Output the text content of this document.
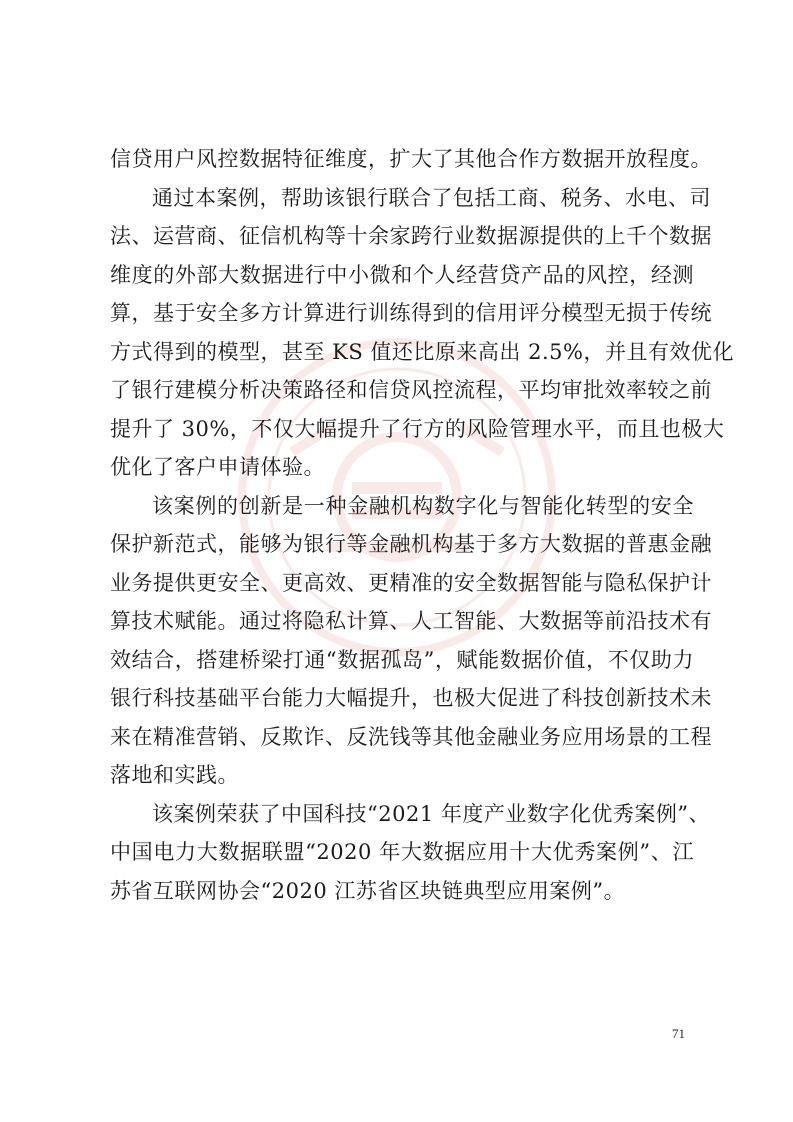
信贷用户风控数据特征维度，扩大了其他合作方数据开放程度。
通过本案例，帮助该银行联合了包括工商、税务、水电、司
法、运营商、征信机构等十余家跨行业数据源提供的上千个数据
维度的外部大数据进行中小微和个人经营贷产品的风控，经测
算，基于安全多方计算进行训练得到的信用评分模型无损于传统
方式得到的模型，甚至 KS 值还比原来高出 2.5%，并且有效优化
了银行建模分析决策路径和信贷风控流程，平均审批效率较之前
提升了 30%，不仅大幅提升了行方的风险管理水平，而且也极大
优化了客户申请体验。
该案例的创新是一种金融机构数字化与智能化转型的安全
保护新范式，能够为银行等金融机构基于多方大数据的普惠金融
业务提供更安全、更高效、更精准的安全数据智能与隐私保护计
算技术赋能。通过将隐私计算、人工智能、大数据等前沿技术有
效结合，搭建桥梁打通“数据孤岛”，赋能数据价值，不仅助力
银行科技基础平台能力大幅提升，也极大促进了科技创新技术未
来在精准营销、反欺诈、反洗钱等其他金融业务应用场景的工程
落地和实践。
该案例荣获了中国科技“2021 年度产业数字化优秀案例”、
中国电力大数据联盟“2020 年大数据应用十大优秀案例”、江
苏省互联网协会“2020 江苏省区块链典型应用案例”。
71
